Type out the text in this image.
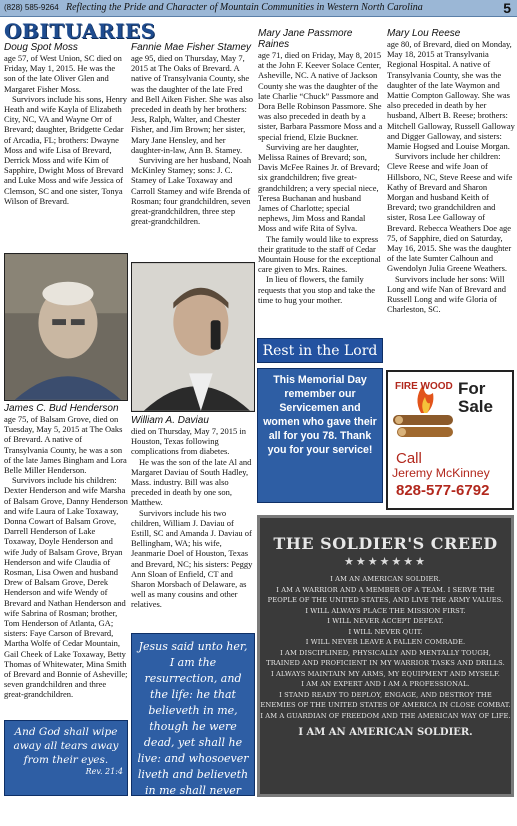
(828) 585-9264 Reflecting the Pride and Character of Mountain Communities in Western North Carolina	5
OBITUARIES
Doug Spot Moss

age 57, of West Union, SC died on Friday, May 1, 2015. He was the son of the late Oliver Glen and Margaret Fisher Moss.

Survivors include his sons, Henry Heath and wife Kayla of Elizabeth City, NC, VA and Wayne Orr of Brevard; daughter, Bridgette Cedar of Arcadia, FL; brothers: Dwayne Moss and wife Lisa of Brevard, Derrick Moss and wife Kim of Sapphire, Dwight Moss of Brevard and Luke Moss and wife Jessica of Clemson, SC and one sister, Tonya Wilson of Brevard.

James C. Bud Henderson

age 75, of Balsam Grove, died on Tuesday, May 5, 2015 at The Oaks of Brevard. A native of Transylvania County, he was a son of the late James Bingham and Lora Belle Miller Henderson.

Survivors include his children: Dexter Henderson and wife Marsha of Balsam Grove, Danny Henderson and wife Laura of Lake Toxaway, Donna Cowart of Balsam Grove, Darrell Henderson of Lake Toxaway, Doyle Henderson and wife Judy of Balsam Grove, Bryan Henderson and wife Claudia of Rosman, Lisa Owen and husband Drew of Balsam Grove, Derek Henderson and wife Wendy of Brevard and Nathan Henderson and wife Sabrina of Rosman; brother, Tom Henderson of Atlanta, GA; sisters: Faye Carson of Brevard, Martha Wolfe of Cedar Mountain, Gail Cheek of Lake Toxaway, Betty Thomas of Whitewater, Mina Smith of Brevard and Bonnie of Asheville; seven grandchildren and three great-grandchildren.

And God shall wipe away all tears away from their eyes.
Rev. 21:4
Fannie Mae Fisher Stamey

age 95, died on Thursday, May 7, 2015 at The Oaks of Brevard. A native of Transylvania County, she was the daughter of the late Fred and Bell Aiken Fisher. She was also preceded in death by her brothers: Jess, Ralph, Walter, and Chester Fisher, and Jim Brown; her sister, Mary Jane Hensley, and her daughter-in-law, Ann B. Stamey.

Surviving are her husband, Noah McKinley Stamey; sons: J. C. Stamey of Lake Toxaway and Carroll Stamey and wife Brenda of Rosman; four grandchildren, seven great-grandchildren, three step great-grandchildren.

William A. Daviau

died on Thursday, May 7, 2015 in Houston, Texas following complications from diabetes.

He was the son of the late Al and Margaret Daviau of South Hadley, Mass. industry. Bill was also preceded in death by one son, Matthew.

Survivors include his two children, William J. Daviau of Estill, SC and Amanda J. Daviau of Bellingham, WA; his wife, Jeanmarie Doel of Houston, Texas and Brevard, NC; his sisters: Peggy Ann Sloan of Enfield, CT and Sharon Morsbach of Delaware, as well as many cousins and other relatives.

Jesus said unto her, I am the resurrection, and the life: he that believeth in me, though he were dead, yet shall he live: and whosoever liveth and believeth in me shall never die.
John 11:25
Mary Jane Passmore Raines

age 71, died on Friday, May 8, 2015 at the John F. Keever Solace Center, Asheville, NC. A native of Jackson County she was the daughter of the late Charlie “Chuck” Passmore and Dora Belle Robinson Passmore. She was also preceded in death by a sister, Barbara Passmore Moss and a special friend, Elzie Buckner.

Surviving are her daughter, Melissa Raines of Brevard; son, Davis McFee Raines Jr. of Brevard; six grandchildren; five great-grandchildren; a very special niece, Teresa Buchanan and husband James of Charlotte; special nephews, Jim Moss and Randal Moss and wife Rita of Sylva.

The family would like to express their gratitude to the staff of Cedar Mountain House for the exceptional care given to Mrs. Raines.

In lieu of flowers, the family requests that you stop and take the time to hug your mother.

Rest in the Lord
This Memorial Day remember our Servicemen and women who gave their all for you 78. Thank you for your service!
Mary Lou Reese

age 80, of Brevard, died on Monday, May 18, 2015 at Transylvania Regional Hospital. A native of Transylvania County, she was the daughter of the late Waymon and Mattie Compton Galloway. She was also preceded in death by her husband, Albert B. Reese; brothers: Mitchell Galloway, Russell Galloway and Digger Galloway, and sisters: Mamie Hogsed and Louise Morgan.

Survivors include her children: Cleve Reese and wife Joan of Hillsboro, NC, Steve Reese and wife Kathy of Brevard and Sharon Morgan and husband Keith of Brevard; two grandchildren and sister, Rosa Lee Galloway of Brevard. Rebecca Weathers Doe age 75, of Sapphire, died on Saturday, May 16, 2015. She was the daughter of the late Sumter Calhoun and Gwendolyn Julia Greene Weathers.

Survivors include her sons: Will Long and wife Nan of Brevard and Russell Long and wife Gloria of Charleston, SC.

FIRE WOOD For
Sale
Call
Jeremy McKinney
828-577-6792
THE SOLDIER'S CREED
★★★★★★★
I AM AN AMERICAN SOLDIER.
I AM A WARRIOR AND A MEMBER OF A TEAM. I SERVE THE
PEOPLE OF THE UNITED STATES, AND LIVE THE ARMY VALUES.
I WILL ALWAYS PLACE THE MISSION FIRST.
I WILL NEVER ACCEPT DEFEAT.
I WILL NEVER QUIT.
I WILL NEVER LEAVE A FALLEN COMRADE.
I AM DISCIPLINED, PHYSICALLY AND MENTALLY TOUGH,
TRAINED AND PROFICIENT IN MY WARRIOR TASKS AND DRILLS.
I ALWAYS MAINTAIN MY ARMS, MY EQUIPMENT AND MYSELF.
I AM AN EXPERT AND I AM A PROFESSIONAL.
I STAND READY TO DEPLOY, ENGAGE, AND DESTROY THE
ENEMIES OF THE UNITED STATES OF AMERICA IN CLOSE COMBAT.
I AM A GUARDIAN OF FREEDOM AND THE AMERICAN WAY OF LIFE.
I AM AN AMERICAN SOLDIER.
